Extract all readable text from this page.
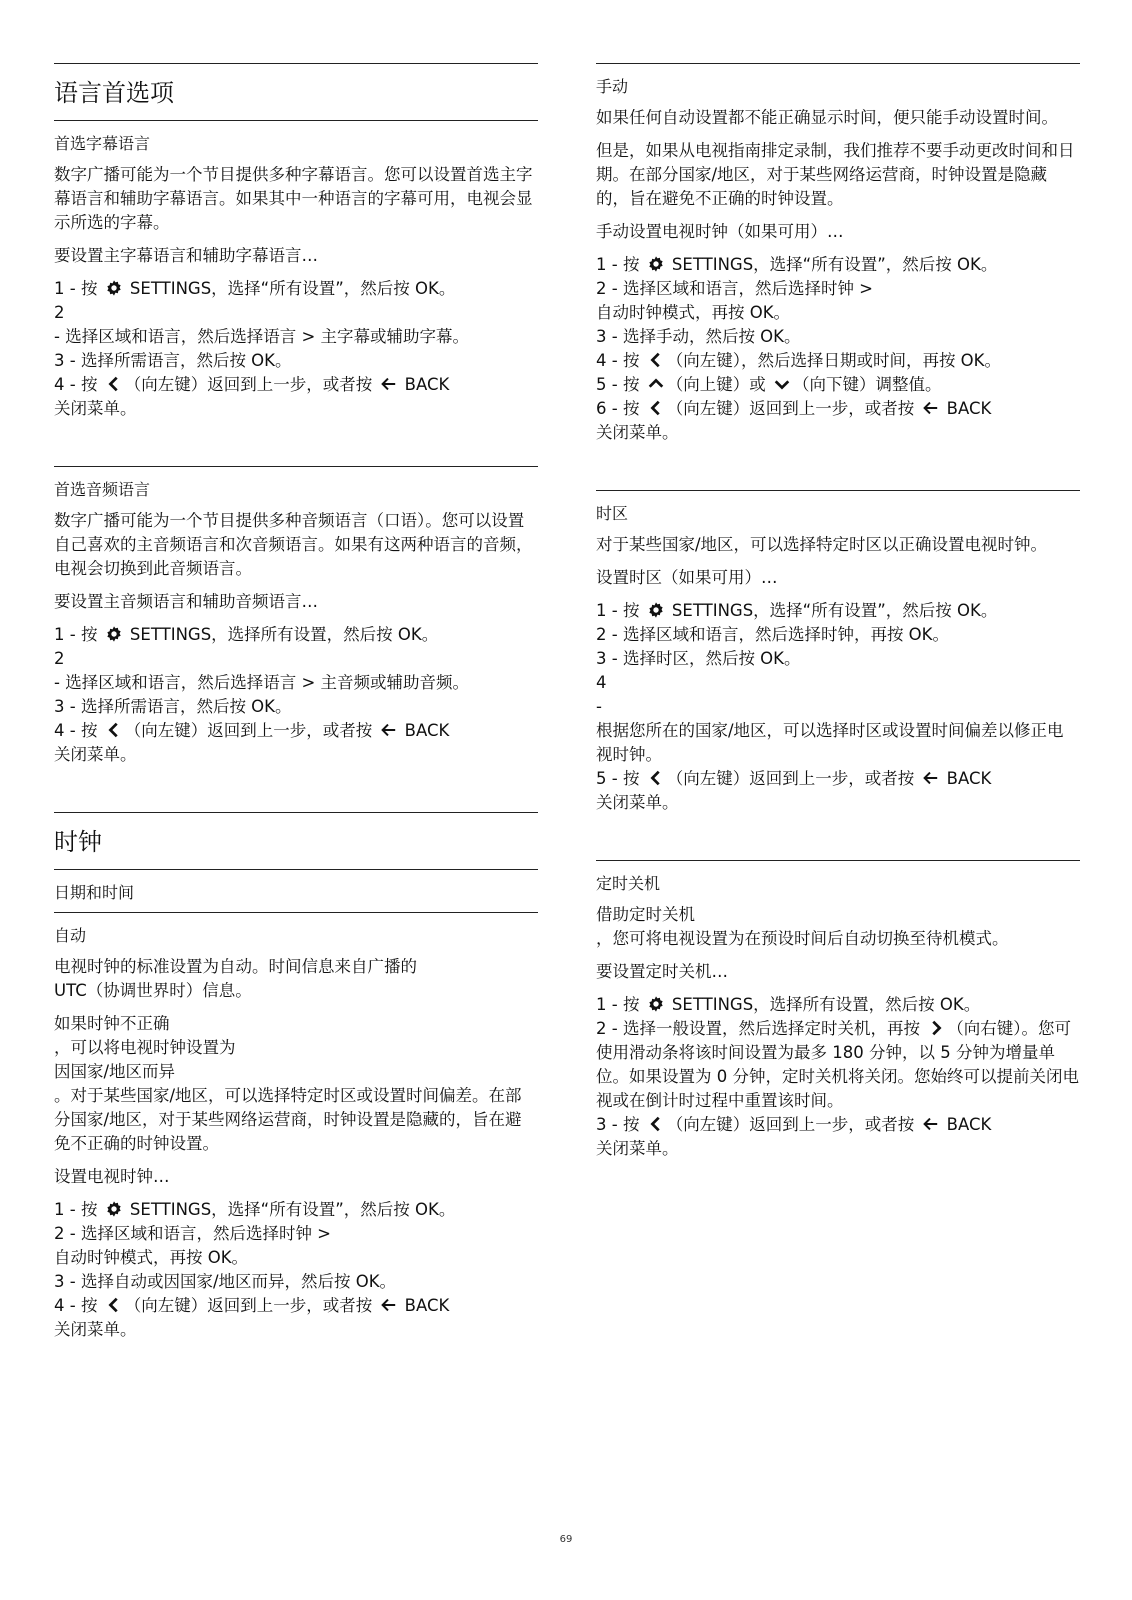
语言首选项
首选字幕语言

数字广播可能为一个节目提供多种字幕语言。您可以设置首选主字幕语言和辅助字幕语言。如果其中一种语言的字幕可用，电视会显示所选的字幕。

要设置主字幕语言和辅助字幕语言…

1 - 按
SETTINGS，选择“所有设置”，然后按 OK。
2
- 选择区域和语言，然后选择语言 > 主字幕或辅助字幕。
3 - 选择所需语言，然后按 OK。
4 - 按
（向左键）返回到上一步，或者按
BACK
关闭菜单。
首选音频语言

数字广播可能为一个节目提供多种音频语言（口语）。您可以设置自己喜欢的主音频语言和次音频语言。如果有这两种语言的音频，电视会切换到此音频语言。

要设置主音频语言和辅助音频语言…

1 - 按
SETTINGS，选择所有设置，然后按 OK。
2
- 选择区域和语言，然后选择语言 > 主音频或辅助音频。
3 - 选择所需语言，然后按 OK。
4 - 按
（向左键）返回到上一步，或者按
BACK
关闭菜单。
时钟
日期和时间
自动

电视时钟的标准设置为自动。时间信息来自广播的
UTC（协调世界时）信息。

如果时钟不正确
，可以将电视时钟设置为
因国家/地区而异
。对于某些国家/地区，可以选择特定时区或设置时间偏差。在部分国家/地区，对于某些网络运营商，时钟设置是隐藏的，旨在避免不正确的时钟设置。

设置电视时钟…

1 - 按
SETTINGS，选择“所有设置”，然后按 OK。
2 - 选择区域和语言，然后选择时钟 >
自动时钟模式，再按 OK。
3 - 选择自动或因国家/地区而异，然后按 OK。
4 - 按
（向左键）返回到上一步，或者按
BACK
关闭菜单。
手动

如果任何自动设置都不能正确显示时间，便只能手动设置时间。

但是，如果从电视指南排定录制，我们推荐不要手动更改时间和日期。在部分国家/地区，对于某些网络运营商，时钟设置是隐藏的，旨在避免不正确的时钟设置。

手动设置电视时钟（如果可用）…

1 - 按
SETTINGS，选择“所有设置”，然后按 OK。
2 - 选择区域和语言，然后选择时钟 >
自动时钟模式，再按 OK。
3 - 选择手动，然后按 OK。
4 - 按
（向左键），然后选择日期或时间，再按 OK。
5 - 按
（向上键）或
（向下键）调整值。
6 - 按
（向左键）返回到上一步，或者按
BACK
关闭菜单。
时区

对于某些国家/地区，可以选择特定时区以正确设置电视时钟。

设置时区（如果可用）…

1 - 按
SETTINGS，选择“所有设置”，然后按 OK。
2 - 选择区域和语言，然后选择时钟，再按 OK。
3 - 选择时区，然后按 OK。
4
-
根据您所在的国家/地区，可以选择时区或设置时间偏差以修正电视时钟。
5 - 按
（向左键）返回到上一步，或者按
BACK
关闭菜单。
定时关机

借助定时关机
，您可将电视设置为在预设时间后自动切换至待机模式。

要设置定时关机…

1 - 按
SETTINGS，选择所有设置，然后按 OK。
2 - 选择一般设置，然后选择定时关机，再按
（向右键）。您可使用滑动条将该时间设置为最多 180 分钟，以 5 分钟为增量单位。如果设置为 0 分钟，定时关机将关闭。您始终可以提前关闭电视或在倒计时过程中重置该时间。
3 - 按
（向左键）返回到上一步，或者按
BACK
关闭菜单。
69
